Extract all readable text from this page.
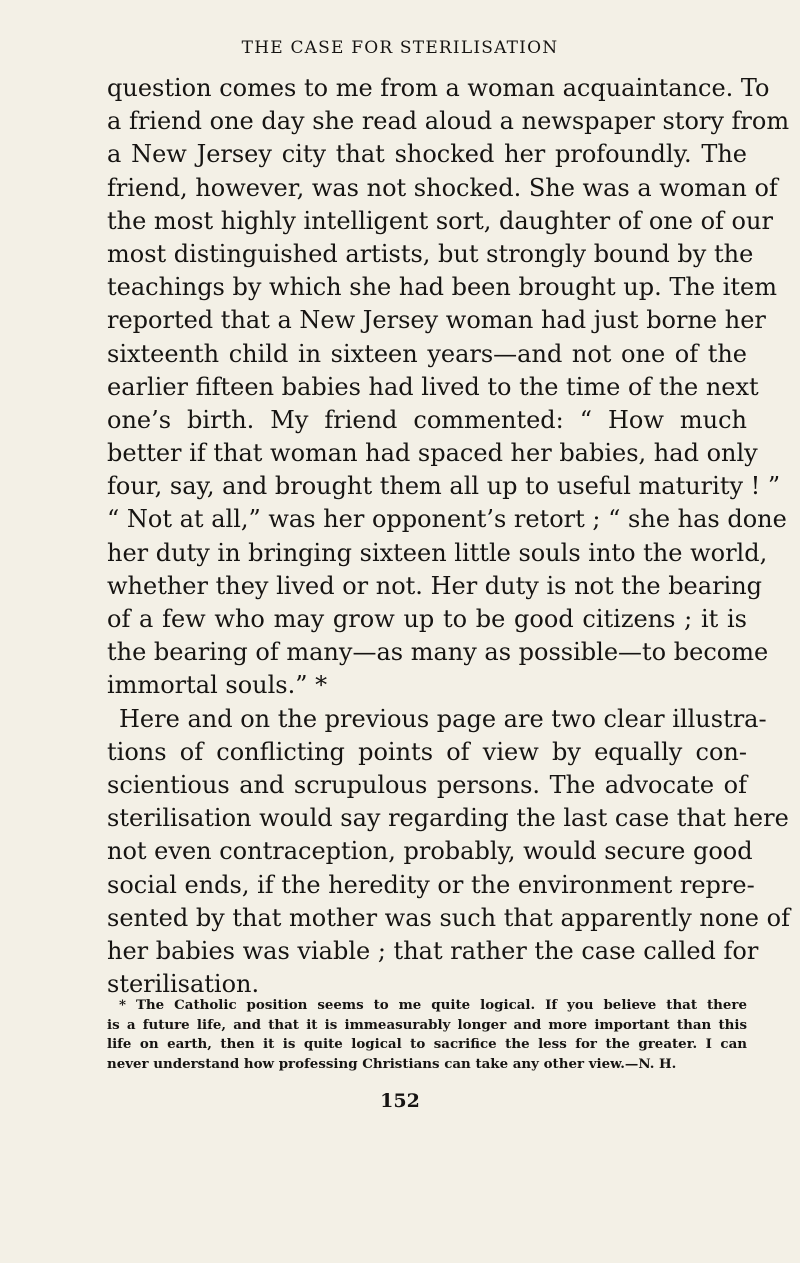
THE CASE FOR STERILISATION
question comes to me from a woman acquaintance. To
a friend one day she read aloud a newspaper story from
a New Jersey city that shocked her profoundly. The
friend, however, was not shocked. She was a woman of
the most highly intelligent sort, daughter of one of our
most distinguished artists, but strongly bound by the
teachings by which she had been brought up. The item
reported that a New Jersey woman had just borne her
sixteenth child in sixteen years—and not one of the
earlier fifteen babies had lived to the time of the next
one’s birth. My friend commented: “ How much
better if that woman had spaced her babies, had only
four, say, and brought them all up to useful maturity ! ”
“ Not at all,” was her opponent’s retort ; “ she has done
her duty in bringing sixteen little souls into the world,
whether they lived or not. Her duty is not the bearing
of a few who may grow up to be good citizens ; it is
the bearing of many—as many as possible—to become
immortal souls.” *
Here and on the previous page are two clear illustra-
tions of conflicting points of view by equally con-
scientious and scrupulous persons. The advocate of
sterilisation would say regarding the last case that here
not even contraception, probably, would secure good
social ends, if the heredity or the environment repre-
sented by that mother was such that apparently none of
her babies was viable ; that rather the case called for
sterilisation.
* The Catholic position seems to me quite logical. If you believe that there
is a future life, and that it is immeasurably longer and more important than this
life on earth, then it is quite logical to sacrifice the less for the greater. I can
never understand how professing Christians can take any other view.—N. H.
152
